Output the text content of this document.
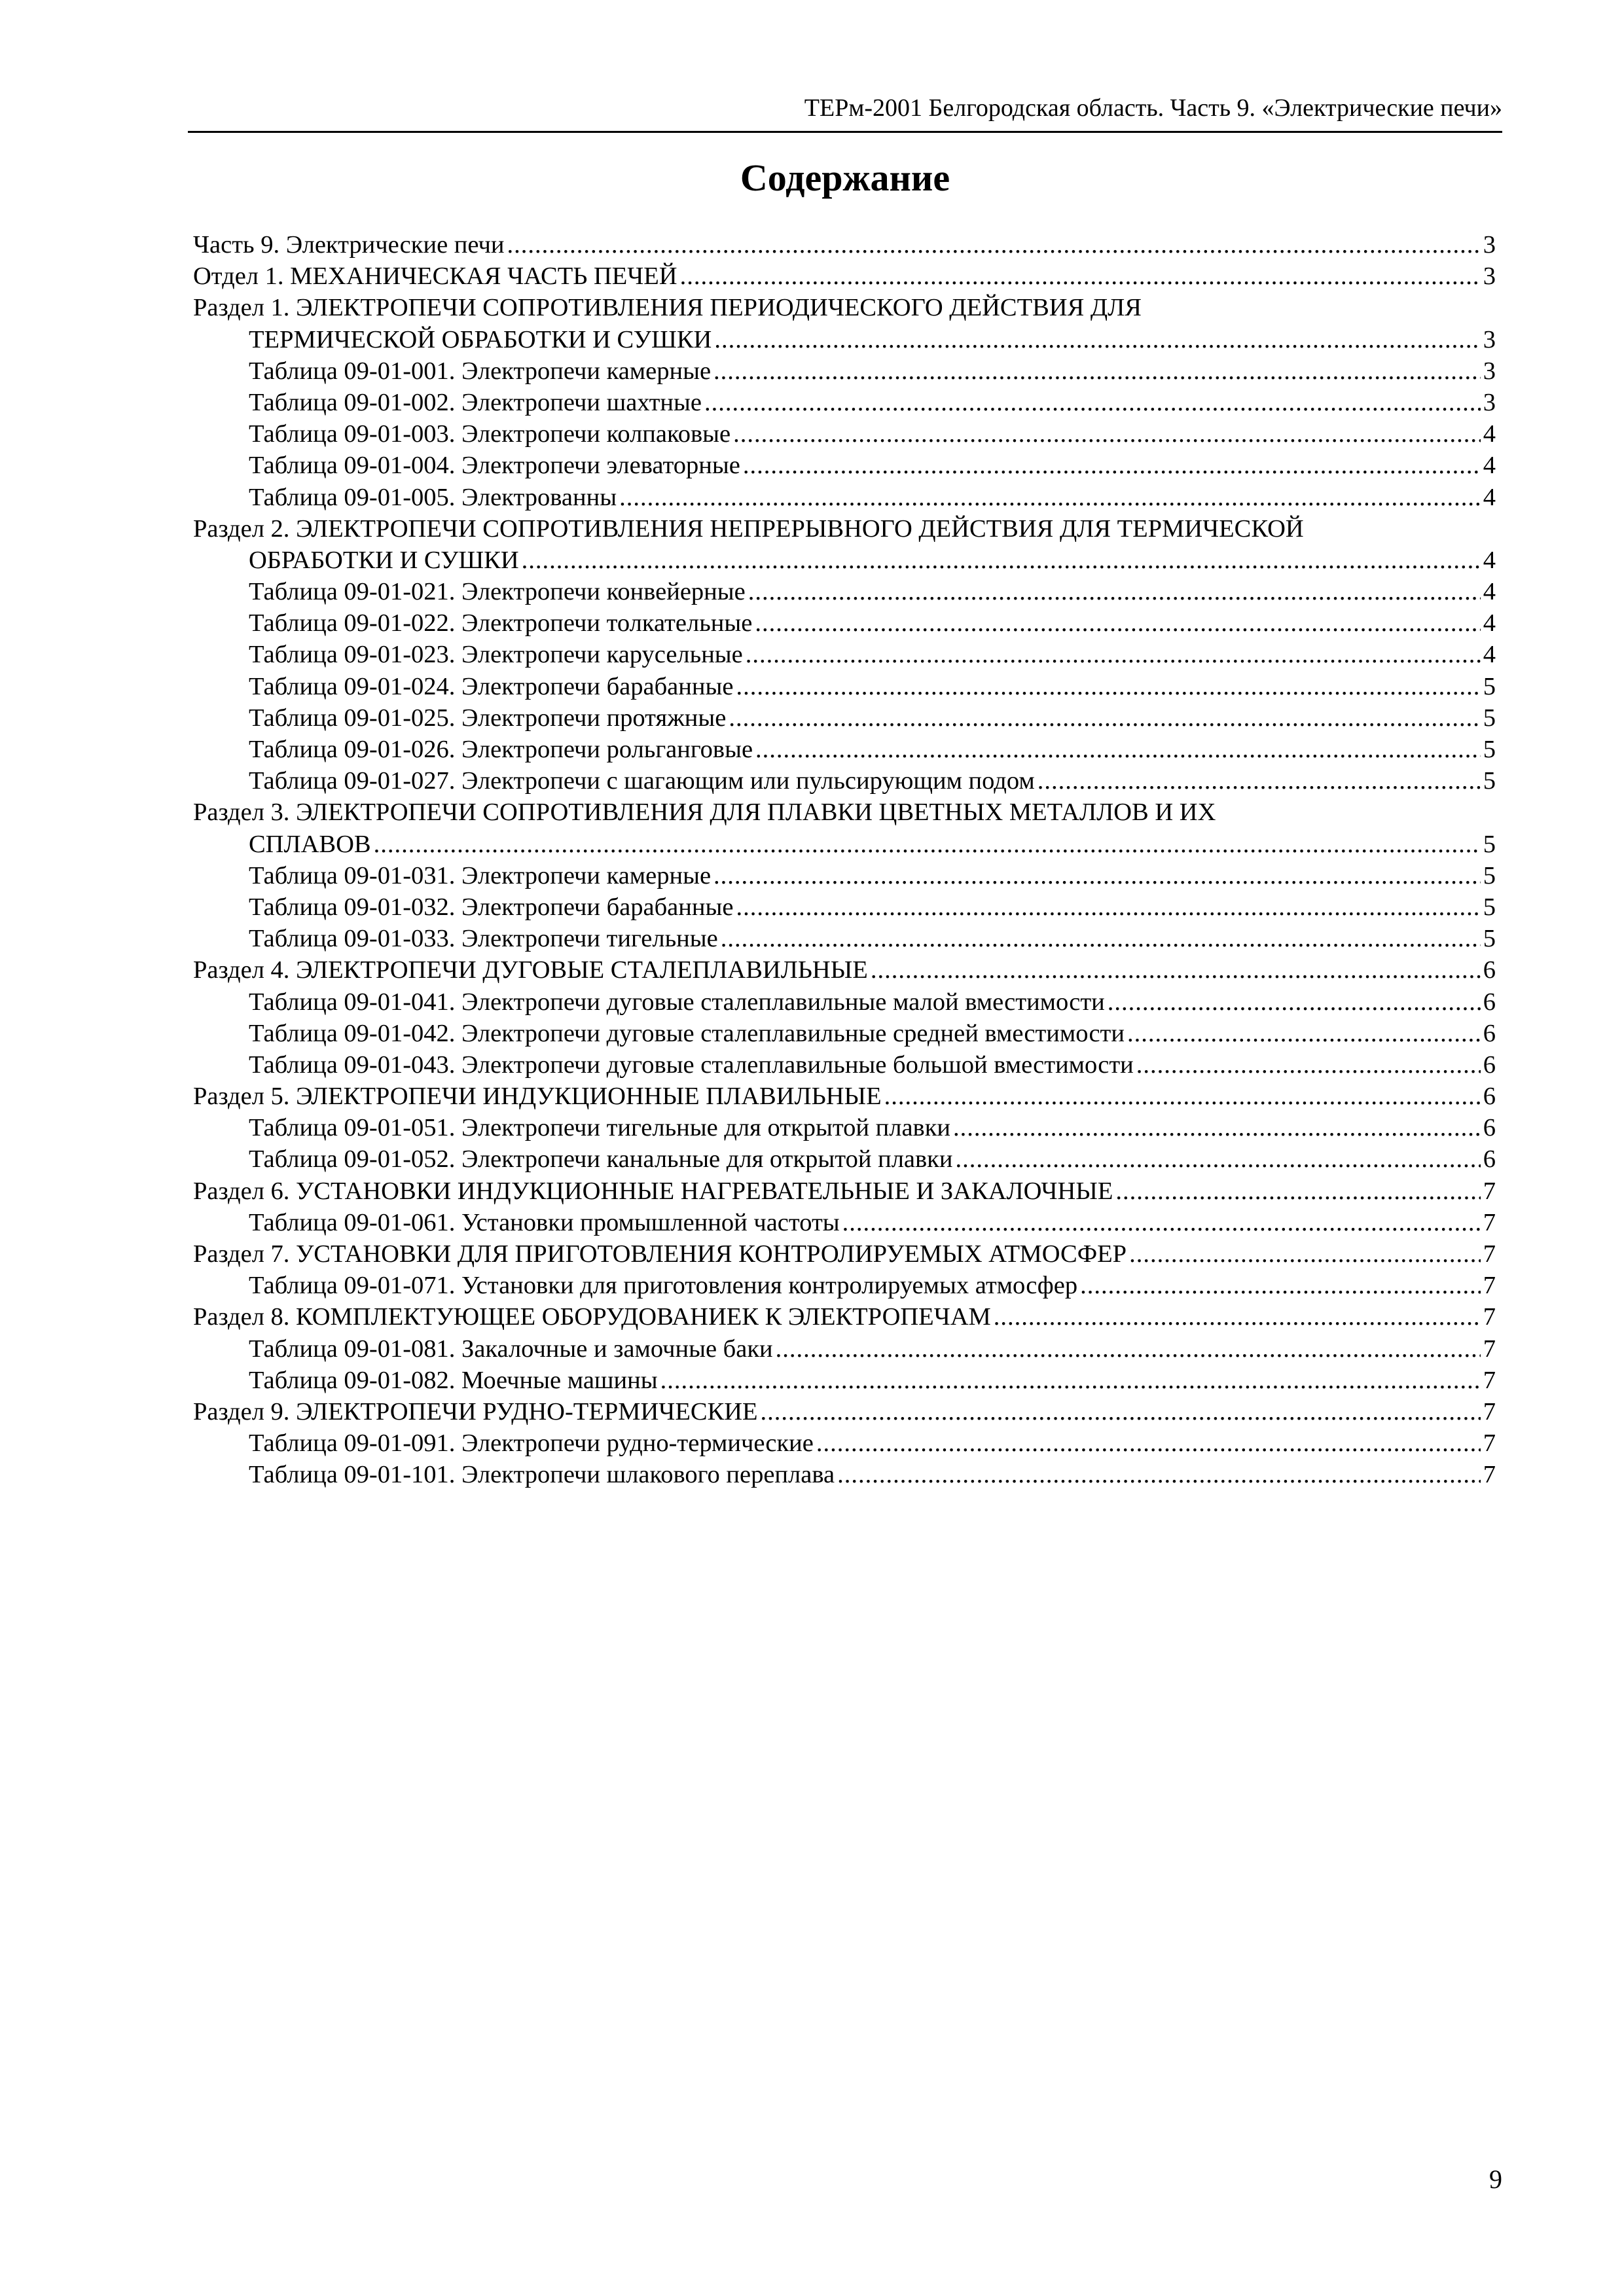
ТЕРм-2001 Белгородская область. Часть 9. «Электрические печи»
Содержание
Часть 9. Электрические печи .....	3
Отдел 1. МЕХАНИЧЕСКАЯ ЧАСТЬ ПЕЧЕЙ .....	3
Раздел 1. ЭЛЕКТРОПЕЧИ СОПРОТИВЛЕНИЯ ПЕРИОДИЧЕСКОГО ДЕЙСТВИЯ ДЛЯ
ТЕРМИЧЕСКОЙ ОБРАБОТКИ И СУШКИ .....	3
Таблица 09-01-001. Электропечи камерные .....	3
Таблица 09-01-002. Электропечи шахтные .....	3
Таблица 09-01-003. Электропечи колпаковые .....	4
Таблица 09-01-004. Электропечи элеваторные .....	4
Таблица 09-01-005. Электрованны .....	4
Раздел 2. ЭЛЕКТРОПЕЧИ СОПРОТИВЛЕНИЯ НЕПРЕРЫВНОГО ДЕЙСТВИЯ ДЛЯ ТЕРМИЧЕСКОЙ
ОБРАБОТКИ И СУШКИ .....	4
Таблица 09-01-021. Электропечи конвейерные .....	4
Таблица 09-01-022. Электропечи толкательные .....	4
Таблица 09-01-023. Электропечи карусельные .....	4
Таблица 09-01-024. Электропечи барабанные .....	5
Таблица 09-01-025. Электропечи протяжные .....	5
Таблица 09-01-026. Электропечи рольганговые .....	5
Таблица 09-01-027. Электропечи с шагающим или пульсирующим подом .....	5
Раздел 3. ЭЛЕКТРОПЕЧИ СОПРОТИВЛЕНИЯ ДЛЯ ПЛАВКИ ЦВЕТНЫХ МЕТАЛЛОВ И ИХ
СПЛАВОВ .....	5
Таблица 09-01-031. Электропечи камерные .....	5
Таблица 09-01-032. Электропечи барабанные .....	5
Таблица 09-01-033. Электропечи тигельные .....	5
Раздел 4. ЭЛЕКТРОПЕЧИ ДУГОВЫЕ СТАЛЕПЛАВИЛЬНЫЕ .....	6
Таблица 09-01-041. Электропечи дуговые сталеплавильные малой вместимости .....	6
Таблица 09-01-042. Электропечи дуговые сталеплавильные средней вместимости .....	6
Таблица 09-01-043. Электропечи дуговые сталеплавильные большой вместимости .....	6
Раздел 5. ЭЛЕКТРОПЕЧИ ИНДУКЦИОННЫЕ ПЛАВИЛЬНЫЕ .....	6
Таблица 09-01-051. Электропечи тигельные для открытой плавки .....	6
Таблица 09-01-052. Электропечи канальные для открытой плавки .....	6
Раздел 6. УСТАНОВКИ ИНДУКЦИОННЫЕ НАГРЕВАТЕЛЬНЫЕ И ЗАКАЛОЧНЫЕ .....	7
Таблица 09-01-061. Установки промышленной частоты .....	7
Раздел 7. УСТАНОВКИ ДЛЯ ПРИГОТОВЛЕНИЯ КОНТРОЛИРУЕМЫХ АТМОСФЕР .....	7
Таблица 09-01-071. Установки для приготовления контролируемых атмосфер .....	7
Раздел 8. КОМПЛЕКТУЮЩЕЕ ОБОРУДОВАНИЕК К ЭЛЕКТРОПЕЧАМ .....	7
Таблица 09-01-081. Закалочные и замочные баки .....	7
Таблица 09-01-082. Моечные машины .....	7
Раздел 9. ЭЛЕКТРОПЕЧИ РУДНО-ТЕРМИЧЕСКИЕ .....	7
Таблица 09-01-091. Электропечи рудно-термические .....	7
Таблица 09-01-101. Электропечи шлакового переплава .....	7
9
